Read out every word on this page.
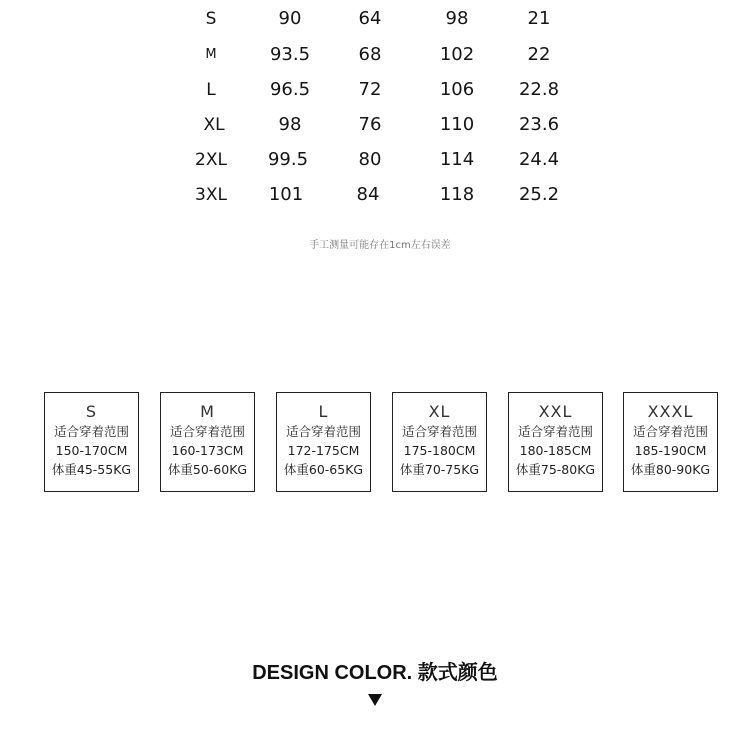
S	90	64	98	21
M	93.5	68	102	22
L	96.5	72	106 22.8
XL	98	76	110 23.6
2XL 99.5	80	114 24.4
3XL 101	84	118 25.2
手工测量可能存在1cm左右误差
S
适合穿着范围
150-170CM
体重45-55KG
M
适合穿着范围
160-173CM
体重50-60KG
L
适合穿着范围
172-175CM
体重60-65KG
XL
适合穿着范围
175-180CM
体重70-75KG
XXL
适合穿着范围
180-185CM
体重75-80KG
XXXL
适合穿着范围
185-190CM
体重80-90KG
DESIGN COLOR. 款式颜色
